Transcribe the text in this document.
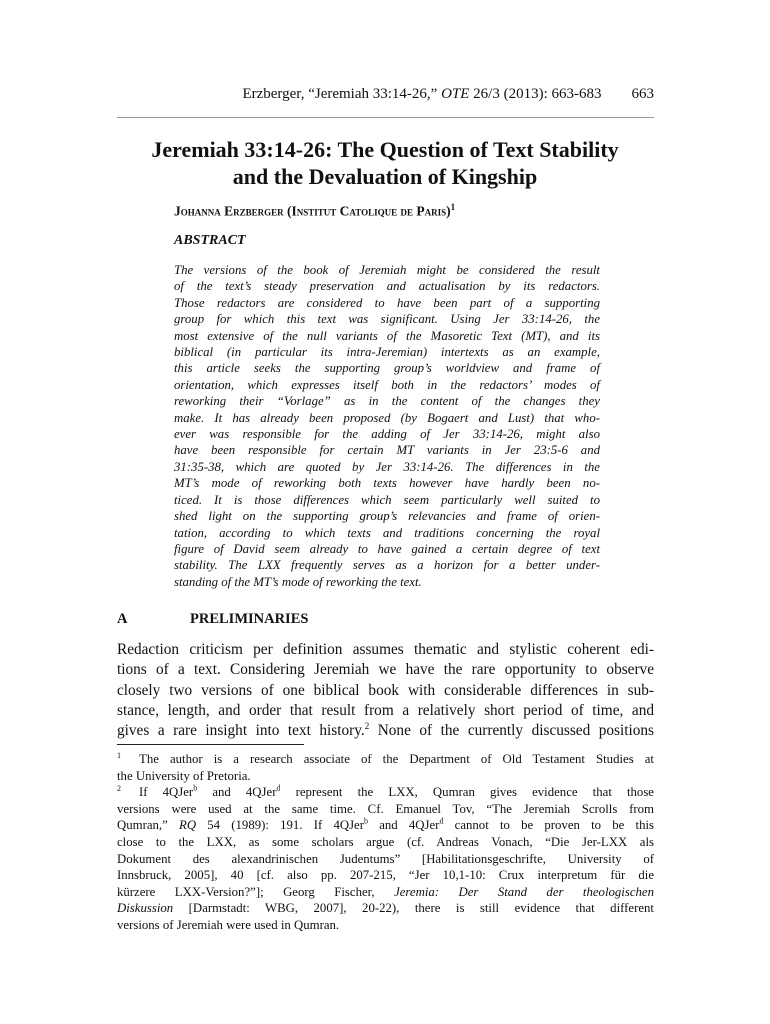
Erzberger, “Jeremiah 33:14-26,” OTE 26/3 (2013): 663-683 663
Jeremiah 33:14-26: The Question of Text Stability
and the Devaluation of Kingship
Johanna Erzberger (Institut Catolique de Paris)$^1$
ABSTRACT
The versions of the book of Jeremiah might be considered the result
of the text’s steady preservation and actualisation by its redactors.
Those redactors are considered to have been part of a supporting
group for which this text was significant. Using Jer 33:14-26, the
most extensive of the null variants of the Masoretic Text (MT), and its
biblical (in particular its intra-Jeremian) intertexts as an example,
this article seeks the supporting group’s worldview and frame of
orientation, which expresses itself both in the redactors’ modes of
reworking their “Vorlage” as in the content of the changes they
make. It has already been proposed (by Bogaert and Lust) that who-
ever was responsible for the adding of Jer 33:14-26, might also
have been responsible for certain MT variants in Jer 23:5-6 and
31:35-38, which are quoted by Jer 33:14-26. The differences in the
MT’s mode of reworking both texts however have hardly been no-
ticed. It is those differences which seem particularly well suited to
shed light on the supporting group’s relevancies and frame of orien-
tation, according to which texts and traditions concerning the royal
figure of David seem already to have gained a certain degree of text
stability. The LXX frequently serves as a horizon for a better under-
standing of the MT’s mode of reworking the text.
A	PRELIMINARIES
Redaction criticism per definition assumes thematic and stylistic coherent edi-
tions of a text. Considering Jeremiah we have the rare opportunity to observe
closely two versions of one biblical book with considerable differences in sub-
stance, length, and order that result from a relatively short period of time, and
gives a rare insight into text history.$^2$ None of the currently discussed positions
$^1$ The author is a research associate of the Department of Old Testament Studies at
the University of Pretoria.
$^2$ If 4QJer$^b$ and 4QJer$^d$ represent the LXX, Qumran gives evidence that those
versions were used at the same time. Cf. Emanuel Tov, “The Jeremiah Scrolls from
Qumran,” RQ 54 (1989): 191. If 4QJer$^b$ and 4QJer$^d$ cannot to be proven to be this
close to the LXX, as some scholars argue (cf. Andreas Vonach, “Die Jer-LXX als
Dokument des alexandrinischen Judentums” [Habilitationsgeschrifte, University of
Innsbruck, 2005], 40 [cf. also pp. 207-215, “Jer 10,1-10: Crux interpretum für die
kürzere LXX-Version?”]; Georg Fischer, Jeremia: Der Stand der theologischen
Diskussion [Darmstadt: WBG, 2007], 20-22), there is still evidence that different
versions of Jeremiah were used in Qumran.
